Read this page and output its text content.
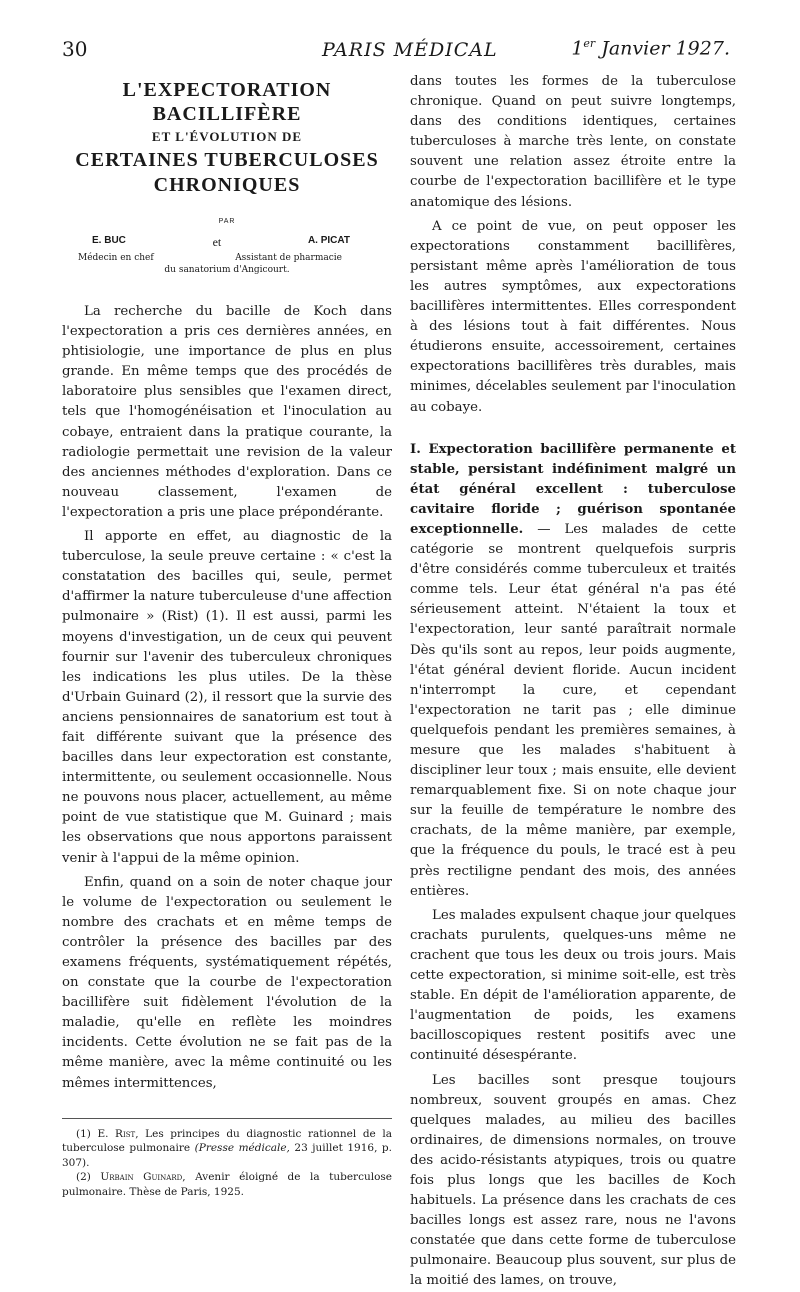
30	PARIS MÉDICAL	1er Janvier 1927.
L'EXPECTORATION
BACILLIFÈRE
ET L'ÉVOLUTION DE
CERTAINES TUBERCULOSES
CHRONIQUES
PAR
E. BUC	et	A. PICAT
Médecin en chef	Assistant de pharmacie
du sanatorium d'Angicourt.

La recherche du bacille de Koch dans l'expectoration a pris ces dernières années, en phtisiologie, une importance de plus en plus grande. En même temps que des procédés de laboratoire plus sensibles que l'examen direct, tels que l'homogénéisation et l'inoculation au cobaye, entraient dans la pratique courante, la radiologie permettait une revision de la valeur des anciennes méthodes d'exploration. Dans ce nouveau classement, l'examen de l'expectoration a pris une place prépondérante.

Il apporte en effet, au diagnostic de la tuberculose, la seule preuve certaine : « c'est la constatation des bacilles qui, seule, permet d'affirmer la nature tuberculeuse d'une affection pulmonaire » (Rist) (1). Il est aussi, parmi les moyens d'investigation, un de ceux qui peuvent fournir sur l'avenir des tuberculeux chroniques les indications les plus utiles. De la thèse d'Urbain Guinard (2), il ressort que la survie des anciens pensionnaires de sanatorium est tout à fait différente suivant que la présence des bacilles dans leur expectoration est constante, intermittente, ou seulement occasionnelle. Nous ne pouvons nous placer, actuellement, au même point de vue statistique que M. Guinard ; mais les observations que nous apportons paraissent venir à l'appui de la même opinion.

Enfin, quand on a soin de noter chaque jour le volume de l'expectoration ou seulement le nombre des crachats et en même temps de contrôler la présence des bacilles par des examens fréquents, systématiquement répétés, on constate que la courbe de l'expectoration bacillifère suit fidèlement l'évolution de la maladie, qu'elle en reflète les moindres incidents. Cette évolution ne se fait pas de la même manière, avec la même continuité ou les mêmes intermittences,

(1) E. Rist, Les principes du diagnostic rationnel de la tuberculose pulmonaire (Presse médicale, 23 juillet 1916, p. 307).

(2) Urbain Guinard, Avenir éloigné de la tuberculose pulmonaire. Thèse de Paris, 1925.

dans toutes les formes de la tuberculose chronique. Quand on peut suivre longtemps, dans des conditions identiques, certaines tuberculoses à marche très lente, on constate souvent une relation assez étroite entre la courbe de l'expectoration bacillifère et le type anatomique des lésions.

A ce point de vue, on peut opposer les expectorations constamment bacillifères, persistant même après l'amélioration de tous les autres symptômes, aux expectorations bacillifères intermittentes. Elles correspondent à des lésions tout à fait différentes. Nous étudierons ensuite, accessoirement, certaines expectorations bacillifères très durables, mais minimes, décelables seulement par l'inoculation au cobaye.

I. Expectoration bacillifère permanente et stable, persistant indéfiniment malgré un état général excellent : tuberculose cavitaire floride ; guérison spontanée exceptionnelle. — Les malades de cette catégorie se montrent quelquefois surpris d'être considérés comme tuberculeux et traités comme tels. Leur état général n'a pas été sérieusement atteint. N'étaient la toux et l'expectoration, leur santé paraîtrait normale Dès qu'ils sont au repos, leur poids augmente, l'état général devient floride. Aucun incident n'interrompt la cure, et cependant l'expectoration ne tarit pas ; elle diminue quelquefois pendant les premières semaines, à mesure que les malades s'habituent à discipliner leur toux ; mais ensuite, elle devient remarquablement fixe. Si on note chaque jour sur la feuille de température le nombre des crachats, de la même manière, par exemple, que la fréquence du pouls, le tracé est à peu près rectiligne pendant des mois, des années entières.

Les malades expulsent chaque jour quelques crachats purulents, quelques-uns même ne crachent que tous les deux ou trois jours. Mais cette expectoration, si minime soit-elle, est très stable. En dépit de l'amélioration apparente, de l'augmentation de poids, les examens bacilloscopiques restent positifs avec une continuité désespérante.

Les bacilles sont presque toujours nombreux, souvent groupés en amas. Chez quelques malades, au milieu des bacilles ordinaires, de dimensions normales, on trouve des acido-résistants atypiques, trois ou quatre fois plus longs que les bacilles de Koch habituels. La présence dans les crachats de ces bacilles longs est assez rare, nous ne l'avons constatée que dans cette forme de tuberculose pulmonaire. Beaucoup plus souvent, sur plus de la moitié des lames, on trouve,
